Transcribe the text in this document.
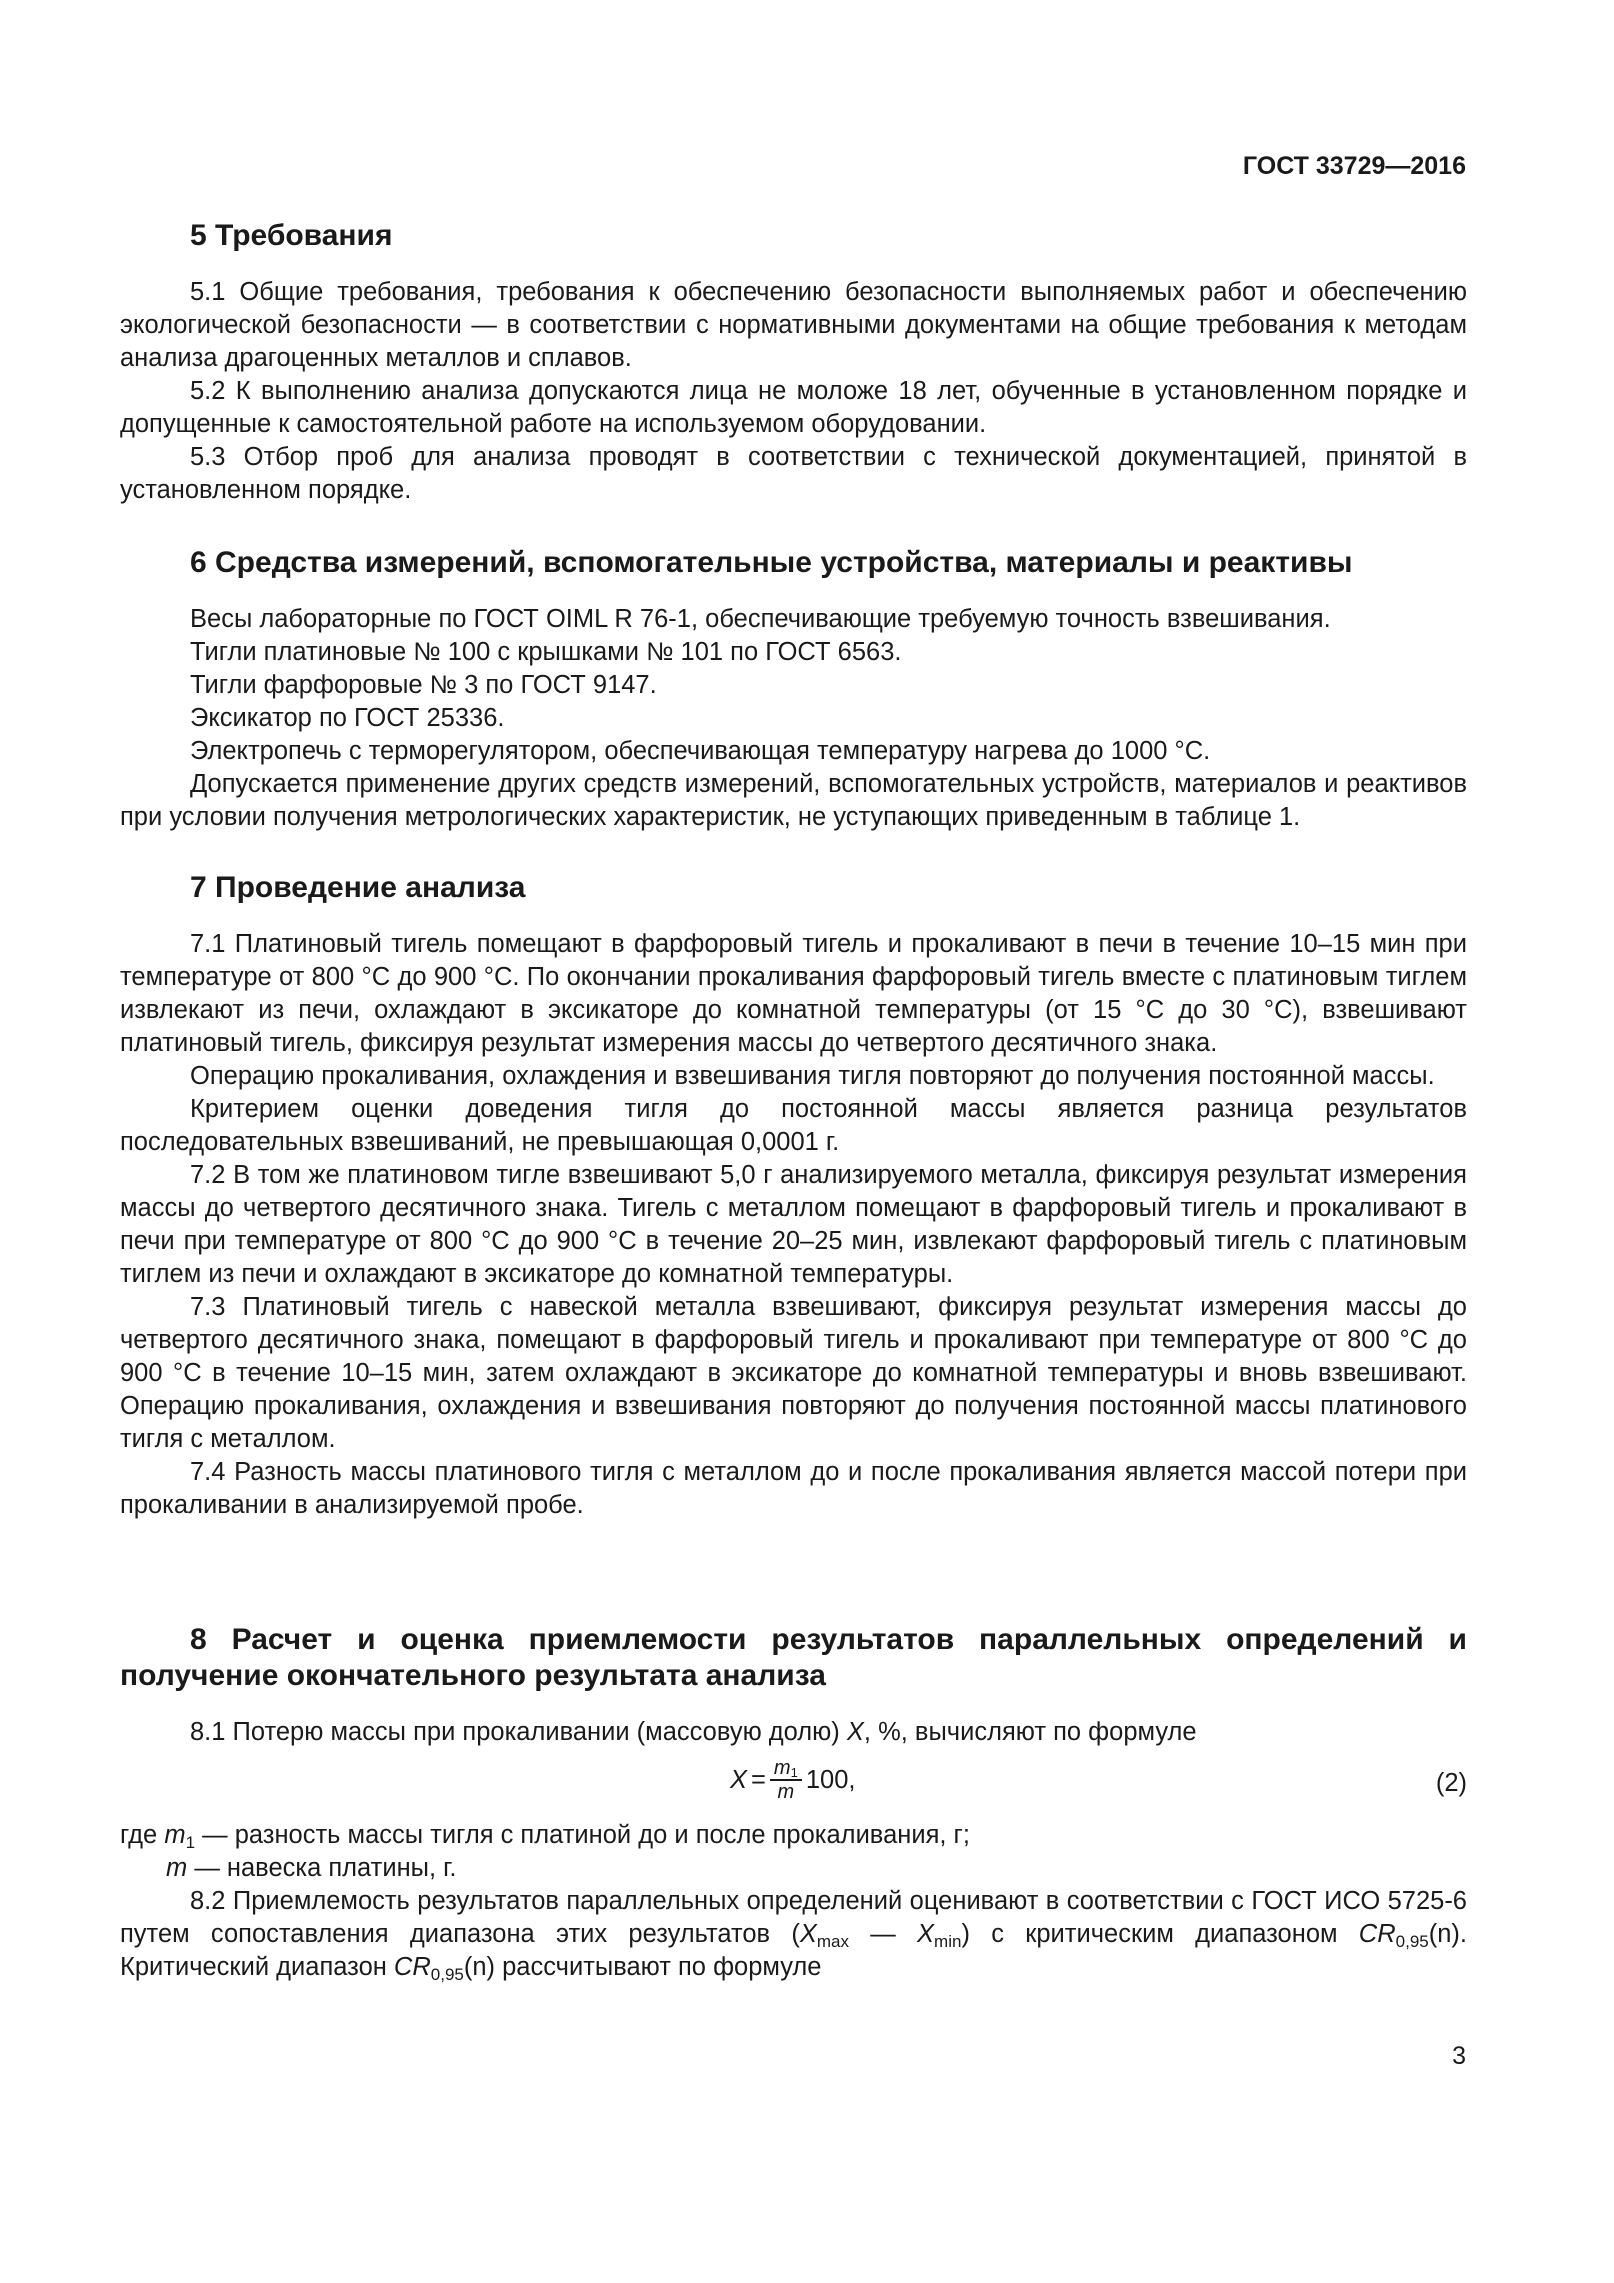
ГОСТ 33729—2016
5 Требования

5.1 Общие требования, требования к обеспечению безопасности выполняемых работ и обеспечению экологической безопасности — в соответствии с нормативными документами на общие требования к методам анализа драгоценных металлов и сплавов.

5.2 К выполнению анализа допускаются лица не моложе 18 лет, обученные в установленном порядке и допущенные к самостоятельной работе на используемом оборудовании.

5.3 Отбор проб для анализа проводят в соответствии с технической документацией, принятой в установленном порядке.

6 Средства измерений, вспомогательные устройства, материалы и реактивы

Весы лабораторные по ГОСТ OIML R 76-1, обеспечивающие требуемую точность взвешивания.

Тигли платиновые № 100 с крышками № 101 по ГОСТ 6563.

Тигли фарфоровые № 3 по ГОСТ 9147.

Эксикатор по ГОСТ 25336.

Электропечь с терморегулятором, обеспечивающая температуру нагрева до 1000 °С.

Допускается применение других средств измерений, вспомогательных устройств, материалов и реактивов при условии получения метрологических характеристик, не уступающих приведенным в таблице 1.

7 Проведение анализа

7.1 Платиновый тигель помещают в фарфоровый тигель и прокаливают в печи в течение 10–15 мин при температуре от 800 °С до 900 °С. По окончании прокаливания фарфоровый тигель вместе с платиновым тиглем извлекают из печи, охлаждают в эксикаторе до комнатной температуры (от 15 °С до 30 °С), взвешивают платиновый тигель, фиксируя результат измерения массы до четвертого десятичного знака.

Операцию прокаливания, охлаждения и взвешивания тигля повторяют до получения постоянной массы.

Критерием оценки доведения тигля до постоянной массы является разница результатов последовательных взвешиваний, не превышающая 0,0001 г.

7.2 В том же платиновом тигле взвешивают 5,0 г анализируемого металла, фиксируя результат измерения массы до четвертого десятичного знака. Тигель с металлом помещают в фарфоровый тигель и прокаливают в печи при температуре от 800 °С до 900 °С в течение 20–25 мин, извлекают фарфоровый тигель с платиновым тиглем из печи и охлаждают в эксикаторе до комнатной температуры.

7.3 Платиновый тигель с навеской металла взвешивают, фиксируя результат измерения массы до четвертого десятичного знака, помещают в фарфоровый тигель и прокаливают при температуре от 800 °С до 900 °С в течение 10–15 мин, затем охлаждают в эксикаторе до комнатной температуры и вновь взвешивают. Операцию прокаливания, охлаждения и взвешивания повторяют до получения постоянной массы платинового тигля с металлом.

7.4 Разность массы платинового тигля с металлом до и после прокаливания является массой потери при прокаливании в анализируемой пробе.

8 Расчет и оценка приемлемости результатов параллельных определений и получение окончательного результата анализа

8.1 Потерю массы при прокаливании (массовую долю) X, %, вычисляют по формуле

$X = \frac{m_1}{m} 100$,	(2)

где $m_1$ — разность массы тигля с платиной до и после прокаливания, г;

m — навеска платины, г.

8.2 Приемлемость результатов параллельных определений оценивают в соответствии с ГОСТ ИСО 5725-6 путем сопоставления диапазона этих результатов ($X_{max}$ — $X_{min}$) с критическим диапазоном $CR_{0,95}(n)$. Критический диапазон $CR_{0,95}(n)$ рассчитывают по формуле

3
